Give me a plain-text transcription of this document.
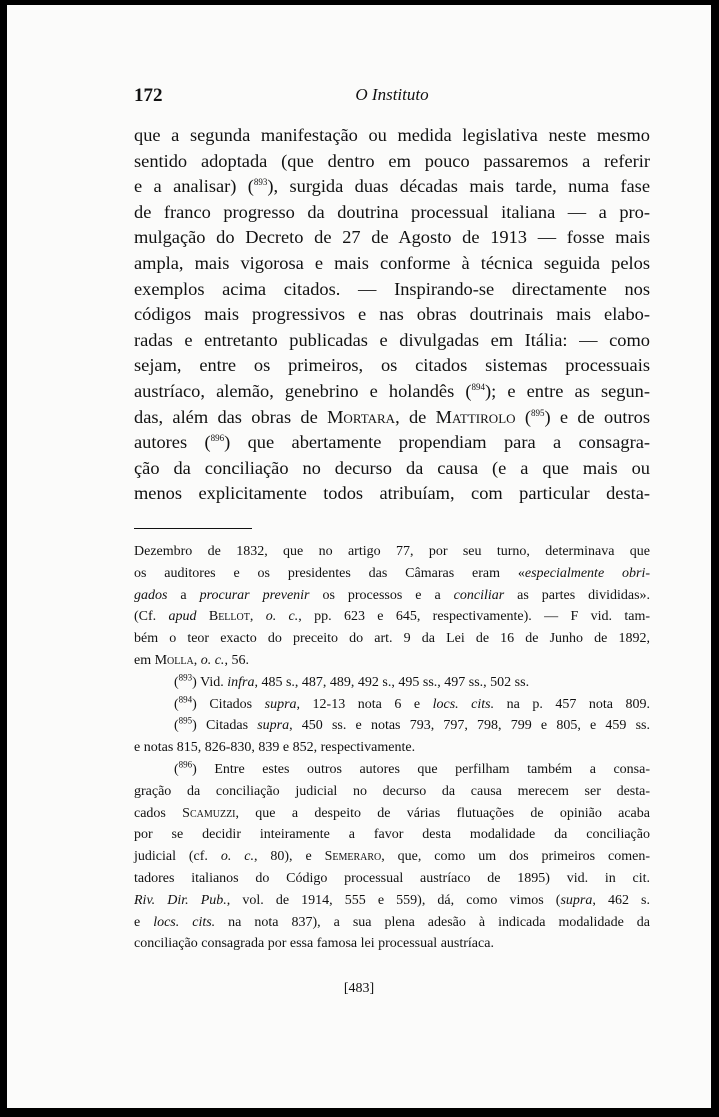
172	O Instituto
que a segunda manifestação ou medida legislativa neste mesmo
sentido adoptada (que dentro em pouco passaremos a referir
e a analisar) ($^{893}$), surgida duas décadas mais tarde, numa fase
de franco progresso da doutrina processual italiana — a pro-
mulgação do Decreto de 27 de Agosto de 1913 — fosse mais
ampla, mais vigorosa e mais conforme à técnica seguida pelos
exemplos acima citados. — Inspirando-se directamente nos
códigos mais progressivos e nas obras doutrinais mais elabo-
radas e entretanto publicadas e divulgadas em Itália: — como
sejam, entre os primeiros, os citados sistemas processuais
austríaco, alemão, genebrino e holandês ($^{894}$); e entre as segun-
das, além das obras de Mortara, de Mattirolo ($^{895}$) e de outros
autores ($^{896}$) que abertamente propendiam para a consagra-
ção da conciliação no decurso da causa (e a que mais ou
menos explicitamente todos atribuíam, com particular desta-
Dezembro de 1832, que no artigo 77, por seu turno, determinava que
os auditores e os presidentes das Câmaras eram «especialmente obri-
gados a procurar prevenir os processos e a conciliar as partes divididas».
(Cf. apud Bellot, o. c., pp. 623 e 645, respectivamente). — F vid. tam-
bém o teor exacto do preceito do art. 9 da Lei de 16 de Junho de 1892,
em Molla, o. c., 56.
($^{893}$) Vid. infra, 485 s., 487, 489, 492 s., 495 ss., 497 ss., 502 ss.
($^{894}$) Citados supra, 12-13 nota 6 e locs. cits. na p. 457 nota 809.
($^{895}$) Citadas supra, 450 ss. e notas 793, 797, 798, 799 e 805, e 459 ss.
e notas 815, 826-830, 839 e 852, respectivamente.
($^{896}$) Entre estes outros autores que perfilham também a consa-
gração da conciliação judicial no decurso da causa merecem ser desta-
cados Scamuzzi, que a despeito de várias flutuações de opinião acaba
por se decidir inteiramente a favor desta modalidade da conciliação
judicial (cf. o. c., 80), e Semeraro, que, como um dos primeiros comen-
tadores italianos do Código processual austríaco de 1895) vid. in cit.
Riv. Dir. Pub., vol. de 1914, 555 e 559), dá, como vimos (supra, 462 s.
e locs. cits. na nota 837), a sua plena adesão à indicada modalidade da
conciliação consagrada por essa famosa lei processual austríaca.
[483]
